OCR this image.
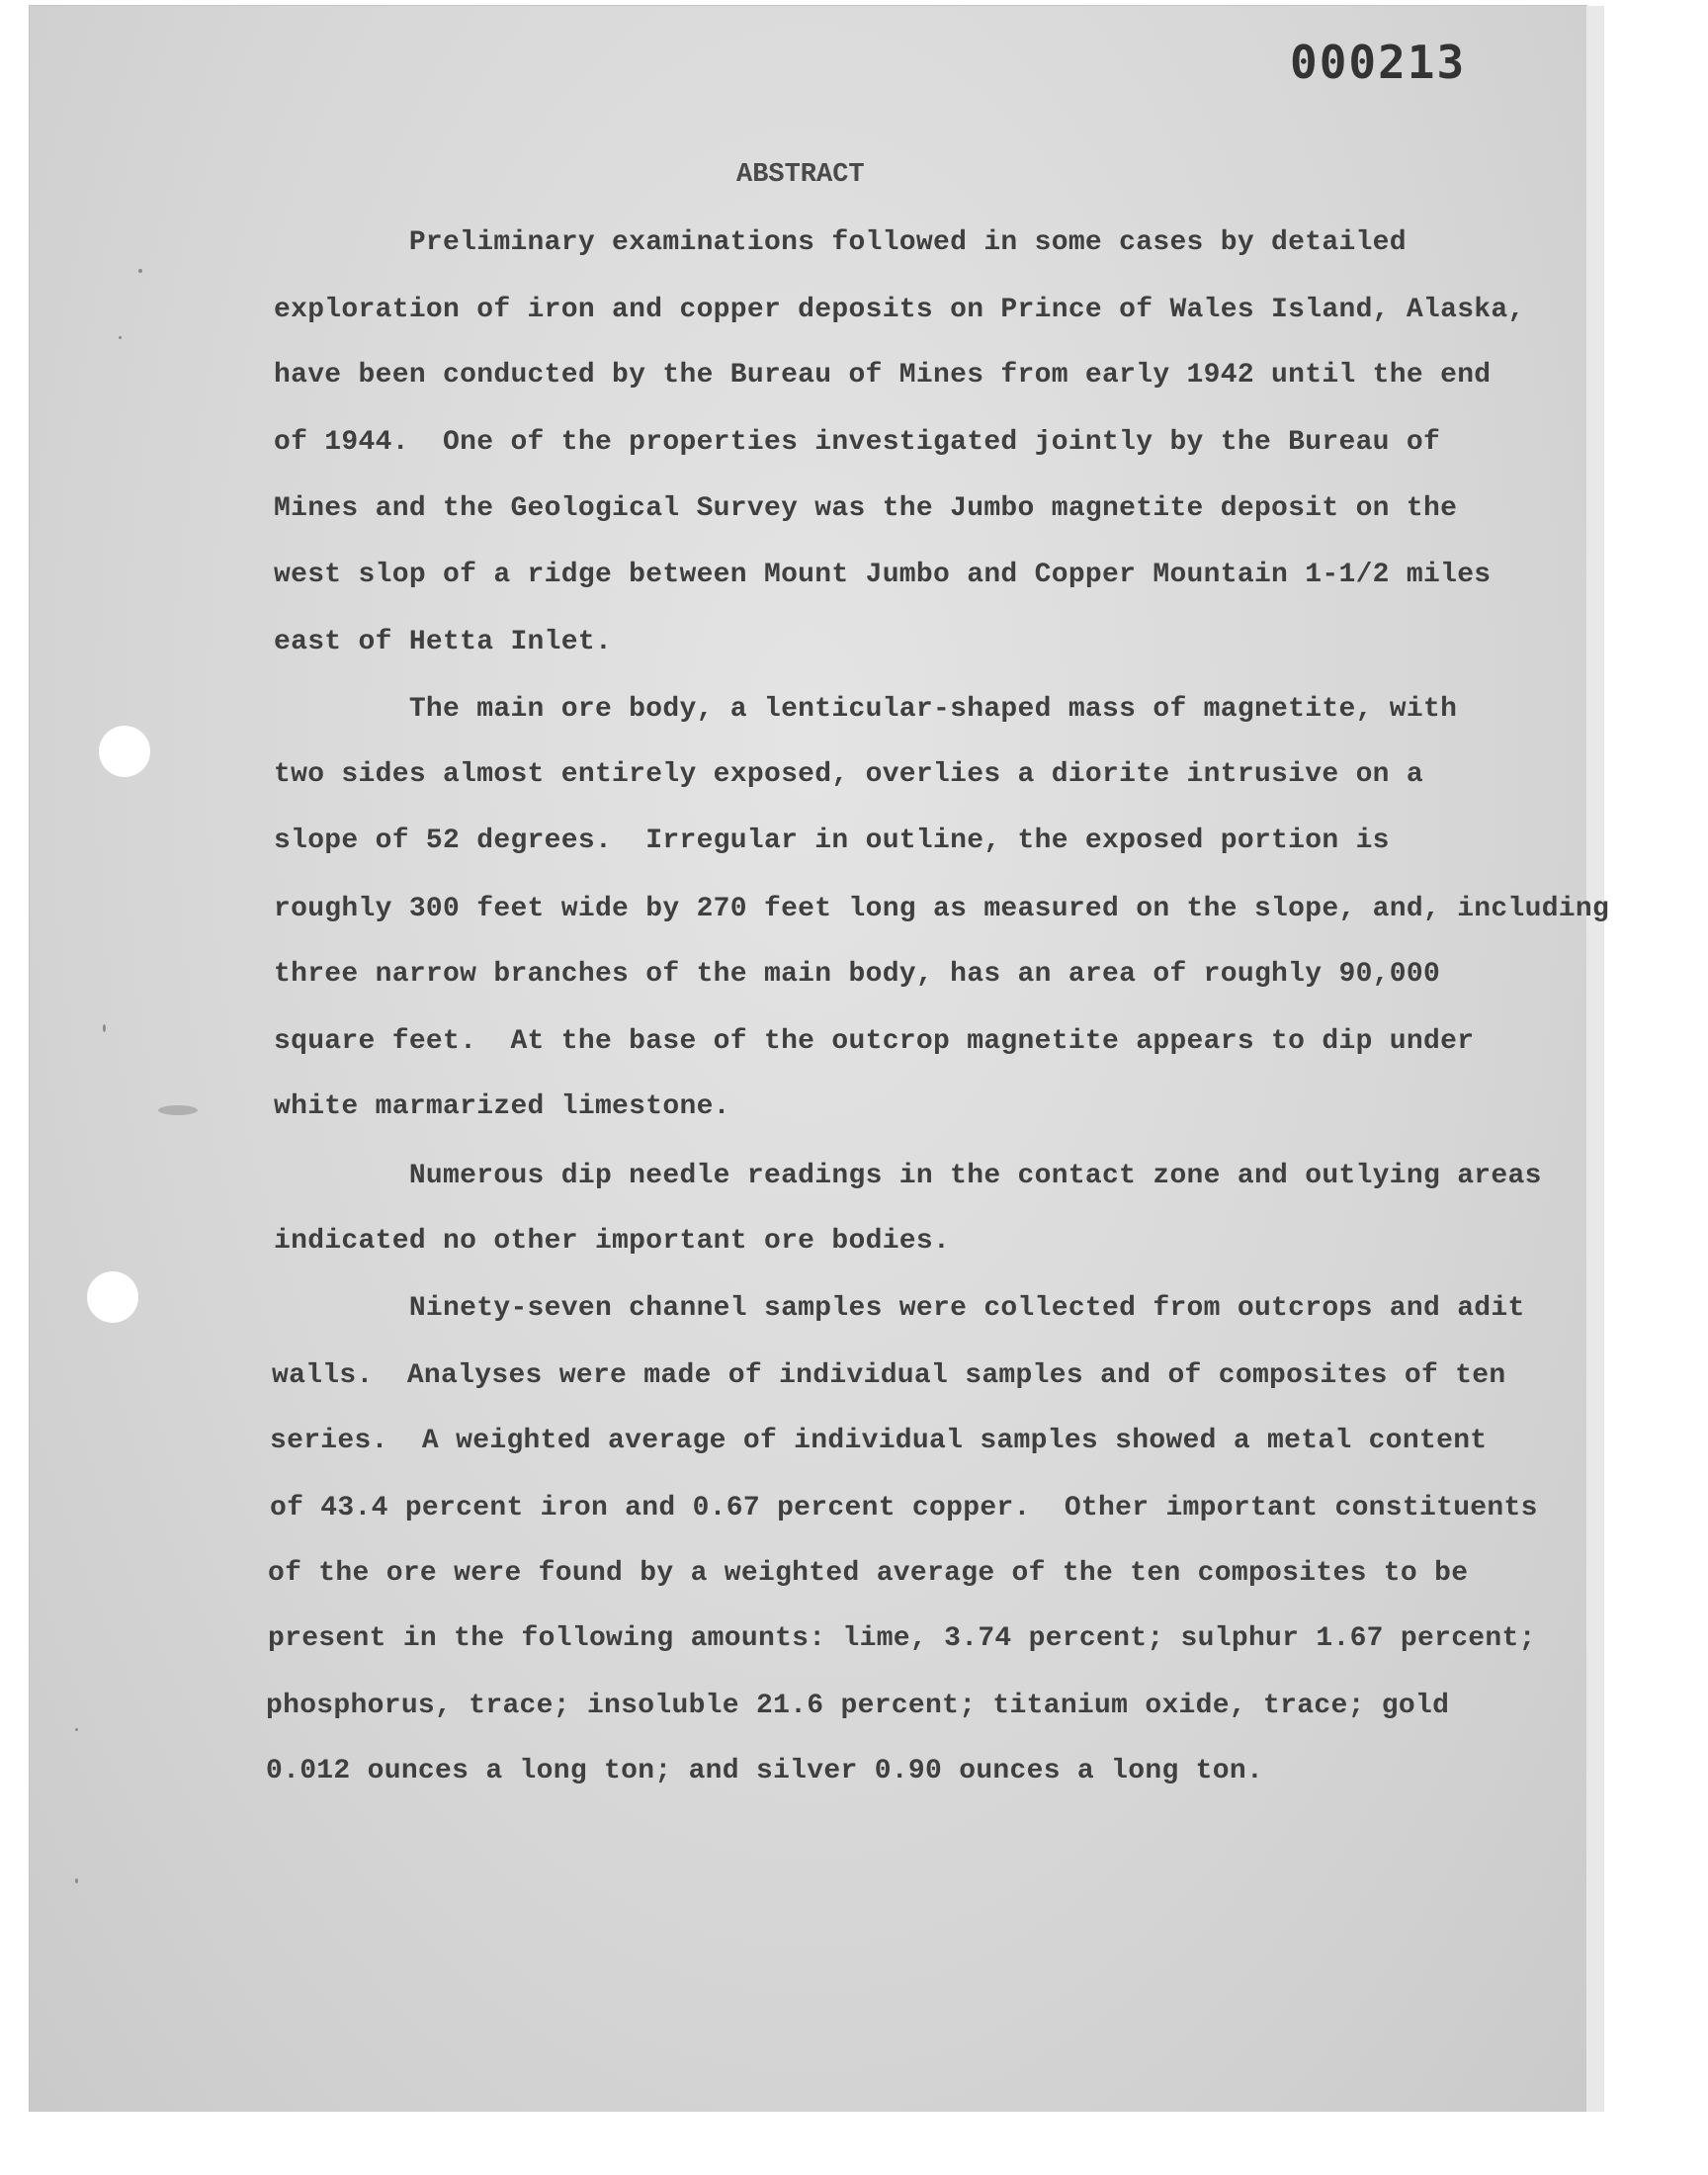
000213
ABSTRACT
Preliminary examinations followed in some cases by detailed
exploration of iron and copper deposits on Prince of Wales Island, Alaska,
have been conducted by the Bureau of Mines from early 1942 until the end
of 1944.  One of the properties investigated jointly by the Bureau of
Mines and the Geological Survey was the Jumbo magnetite deposit on the
west slop of a ridge between Mount Jumbo and Copper Mountain 1-1/2 miles
east of Hetta Inlet.
The main ore body, a lenticular-shaped mass of magnetite, with
two sides almost entirely exposed, overlies a diorite intrusive on a
slope of 52 degrees.  Irregular in outline, the exposed portion is
roughly 300 feet wide by 270 feet long as measured on the slope, and, including
three narrow branches of the main body, has an area of roughly 90,000
square feet.  At the base of the outcrop magnetite appears to dip under
white marmarized limestone.
Numerous dip needle readings in the contact zone and outlying areas
indicated no other important ore bodies.
Ninety-seven channel samples were collected from outcrops and adit
walls.  Analyses were made of individual samples and of composites of ten
series.  A weighted average of individual samples showed a metal content
of 43.4 percent iron and 0.67 percent copper.  Other important constituents
of the ore were found by a weighted average of the ten composites to be
present in the following amounts: lime, 3.74 percent; sulphur 1.67 percent;
phosphorus, trace; insoluble 21.6 percent; titanium oxide, trace; gold
0.012 ounces a long ton; and silver 0.90 ounces a long ton.
